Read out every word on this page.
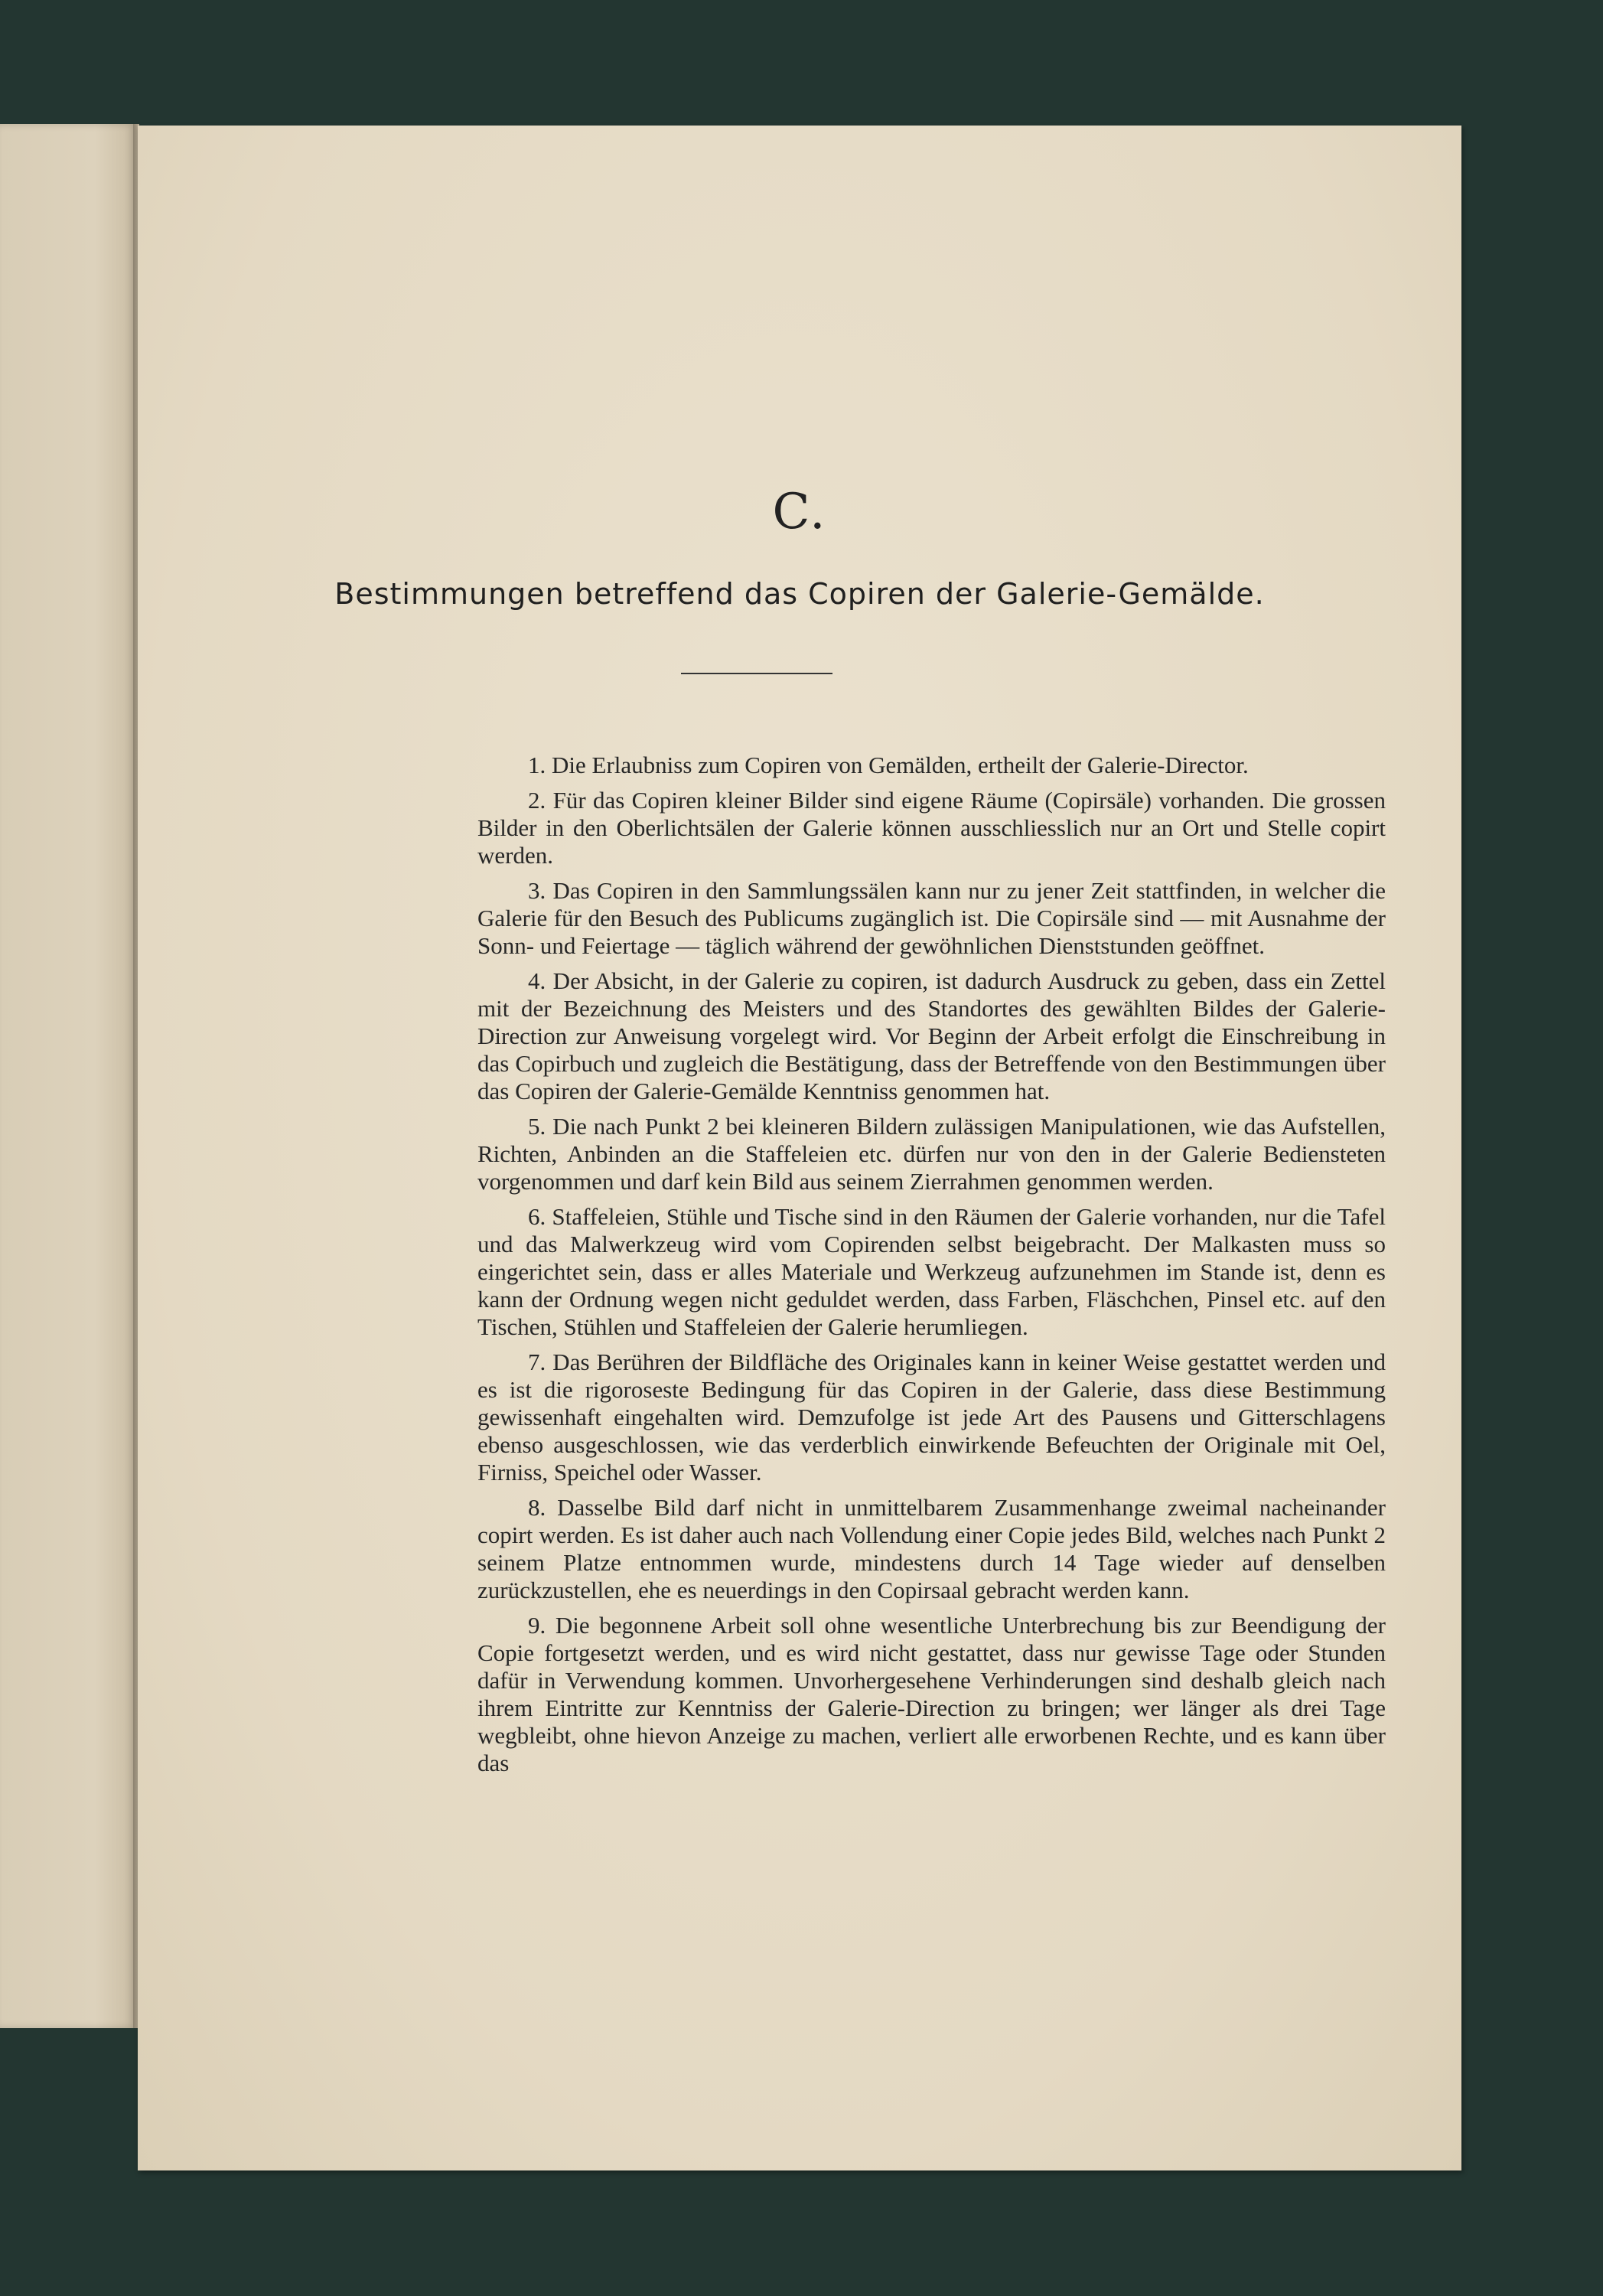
C.
Bestimmungen betreffend das Copiren der Galerie-Gemälde.

1. Die Erlaubniss zum Copiren von Gemälden, ertheilt der Galerie-Director.

2. Für das Copiren kleiner Bilder sind eigene Räume (Copirsäle) vorhanden. Die grossen Bilder in den Oberlichtsälen der Galerie können ausschliesslich nur an Ort und Stelle copirt werden.

3. Das Copiren in den Sammlungssälen kann nur zu jener Zeit stattfinden, in welcher die Galerie für den Besuch des Publicums zugänglich ist. Die Copirsäle sind — mit Ausnahme der Sonn- und Feiertage — täglich während der gewöhnlichen Dienststunden geöffnet.

4. Der Absicht, in der Galerie zu copiren, ist dadurch Ausdruck zu geben, dass ein Zettel mit der Bezeichnung des Meisters und des Standortes des gewählten Bildes der Galerie-Direction zur Anweisung vorgelegt wird. Vor Beginn der Arbeit erfolgt die Einschreibung in das Copirbuch und zugleich die Bestätigung, dass der Betreffende von den Bestimmungen über das Copiren der Galerie-Gemälde Kenntniss genommen hat.

5. Die nach Punkt 2 bei kleineren Bildern zulässigen Manipulationen, wie das Aufstellen, Richten, Anbinden an die Staffeleien etc. dürfen nur von den in der Galerie Bediensteten vorgenommen und darf kein Bild aus seinem Zierrahmen genommen werden.

6. Staffeleien, Stühle und Tische sind in den Räumen der Galerie vorhanden, nur die Tafel und das Malwerkzeug wird vom Copirenden selbst beigebracht. Der Malkasten muss so eingerichtet sein, dass er alles Materiale und Werkzeug aufzunehmen im Stande ist, denn es kann der Ordnung wegen nicht geduldet werden, dass Farben, Fläschchen, Pinsel etc. auf den Tischen, Stühlen und Staffeleien der Galerie herumliegen.

7. Das Berühren der Bildfläche des Originales kann in keiner Weise gestattet werden und es ist die rigoroseste Bedingung für das Copiren in der Galerie, dass diese Bestimmung gewissenhaft eingehalten wird. Demzufolge ist jede Art des Pausens und Gitterschlagens ebenso ausgeschlossen, wie das verderblich einwirkende Befeuchten der Originale mit Oel, Firniss, Speichel oder Wasser.

8. Dasselbe Bild darf nicht in unmittelbarem Zusammenhange zweimal nacheinander copirt werden. Es ist daher auch nach Vollendung einer Copie jedes Bild, welches nach Punkt 2 seinem Platze entnommen wurde, mindestens durch 14 Tage wieder auf denselben zurückzustellen, ehe es neuerdings in den Copirsaal gebracht werden kann.

9. Die begonnene Arbeit soll ohne wesentliche Unterbrechung bis zur Beendigung der Copie fortgesetzt werden, und es wird nicht gestattet, dass nur gewisse Tage oder Stunden dafür in Verwendung kommen. Unvorhergesehene Verhinderungen sind deshalb gleich nach ihrem Eintritte zur Kenntniss der Galerie-Direction zu bringen; wer länger als drei Tage wegbleibt, ohne hievon Anzeige zu machen, verliert alle erworbenen Rechte, und es kann über das
